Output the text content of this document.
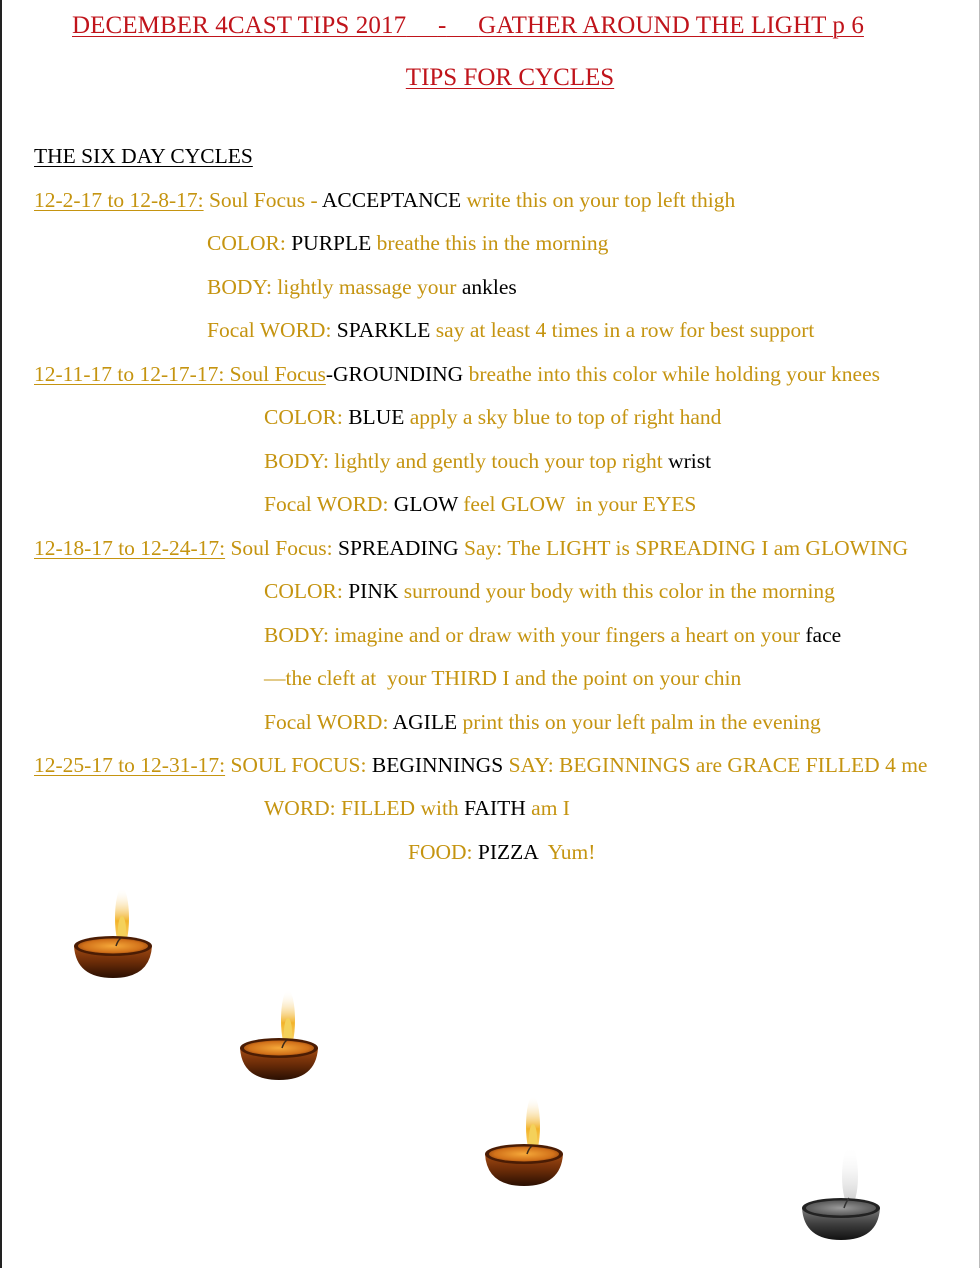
DECEMBER 4CAST TIPS 2017 - GATHER AROUND THE LIGHT p 6
TIPS FOR CYCLES
THE SIX DAY CYCLES
12-2-17 to 12-8-17: Soul Focus - ACCEPTANCE write this on your top left thigh
COLOR: PURPLE breathe this in the morning
BODY: lightly massage your ankles
Focal WORD: SPARKLE say at least 4 times in a row for best support
12-11-17 to 12-17-17: Soul Focus-GROUNDING breathe into this color while holding your knees
COLOR: BLUE apply a sky blue to top of right hand
BODY: lightly and gently touch your top right wrist
Focal WORD: GLOW feel GLOW  in your EYES
12-18-17 to 12-24-17: Soul Focus: SPREADING Say: The LIGHT is SPREADING I am GLOWING
COLOR: PINK surround your body with this color in the morning
BODY: imagine and or draw with your fingers a heart on your face
—the cleft at  your THIRD I and the point on your chin
Focal WORD: AGILE print this on your left palm in the evening
12-25-17 to 12-31-17: SOUL FOCUS: BEGINNINGS SAY: BEGINNINGS are GRACE FILLED 4 me
WORD: FILLED with FAITH am I
FOOD: PIZZA  Yum!
